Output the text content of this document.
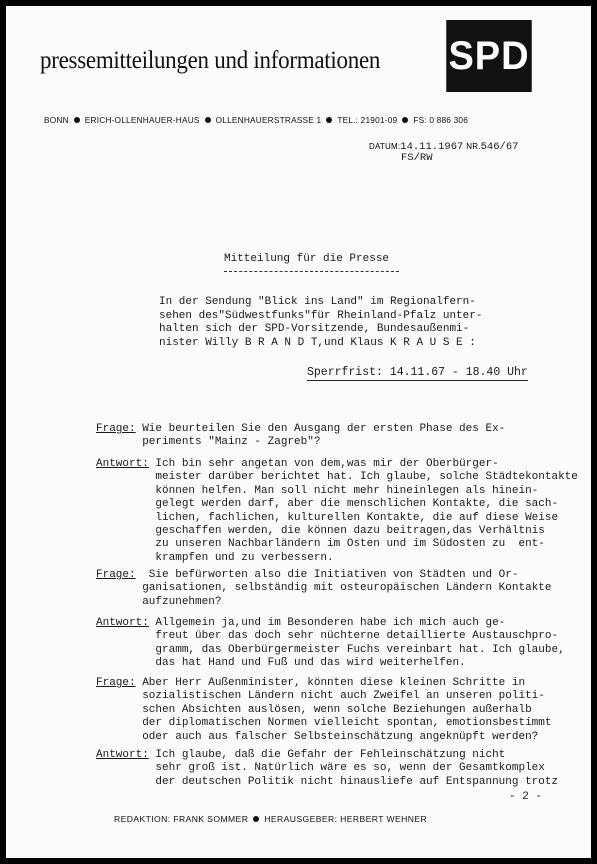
pressemitteilungen und informationen SPD
BONN ERICH-OLLENHAUER-HAUS OLLENHAUERSTRASSE 1 TEL.: 21901-09 FS: 0 886 306
DATUM:14.11.1967 NR.546/67
FS/RW
Mitteilung für die Presse
In der Sendung "Blick ins Land" im Regionalfern-
sehen des"Südwestfunks"für Rheinland-Pfalz unter-
halten sich der SPD-Vorsitzende, Bundesaußenmi-
nister Willy B R A N D T,und Klaus K R A U S E :
Sperrfrist: 14.11.67 - 18.40 Uhr
Frage: Wie beurteilen Sie den Ausgang der ersten Phase des Ex-
periments "Mainz - Zagreb"?
Antwort: Ich bin sehr angetan von dem,was mir der Oberbürger-
meister darüber berichtet hat. Ich glaube, solche Städtekontakte
können helfen. Man soll nicht mehr hineinlegen als hinein-
gelegt werden darf, aber die menschlichen Kontakte, die sach-
lichen, fachlichen, kulturellen Kontakte, die auf diese Weise
geschaffen werden, die können dazu beitragen,das Verhältnis
zu unseren Nachbarländern im Osten und im Südosten zu  ent-
krampfen und zu verbessern.
Frage:  Sie befürworten also die Initiativen von Städten und Or-
ganisationen, selbständig mit osteuropäischen Ländern Kontakte
aufzunehmen?
Antwort: Allgemein ja,und im Besonderen habe ich mich auch ge-
freut über das doch sehr nüchterne detaillierte Austauschpro-
gramm, das Oberbürgermeister Fuchs vereinbart hat. Ich glaube,
das hat Hand und Fuß und das wird weiterhelfen.
Frage: Aber Herr Außenminister, könnten diese kleinen Schritte in
sozialistischen Ländern nicht auch Zweifel an unseren politi-
schen Absichten auslösen, wenn solche Beziehungen außerhalb
der diplomatischen Normen vielleicht spontan, emotionsbestimmt
oder auch aus falscher Selbsteinschätzung angeknüpft werden?
Antwort: Ich glaube, daß die Gefahr der Fehleinschätzung nicht
sehr groß ist. Natürlich wäre es so, wenn der Gesamtkomplex
der deutschen Politik nicht hinausliefe auf Entspannung trotz
- 2 -
REDAKTION: FRANK SOMMER HERAUSGEBER: HERBERT WEHNER
